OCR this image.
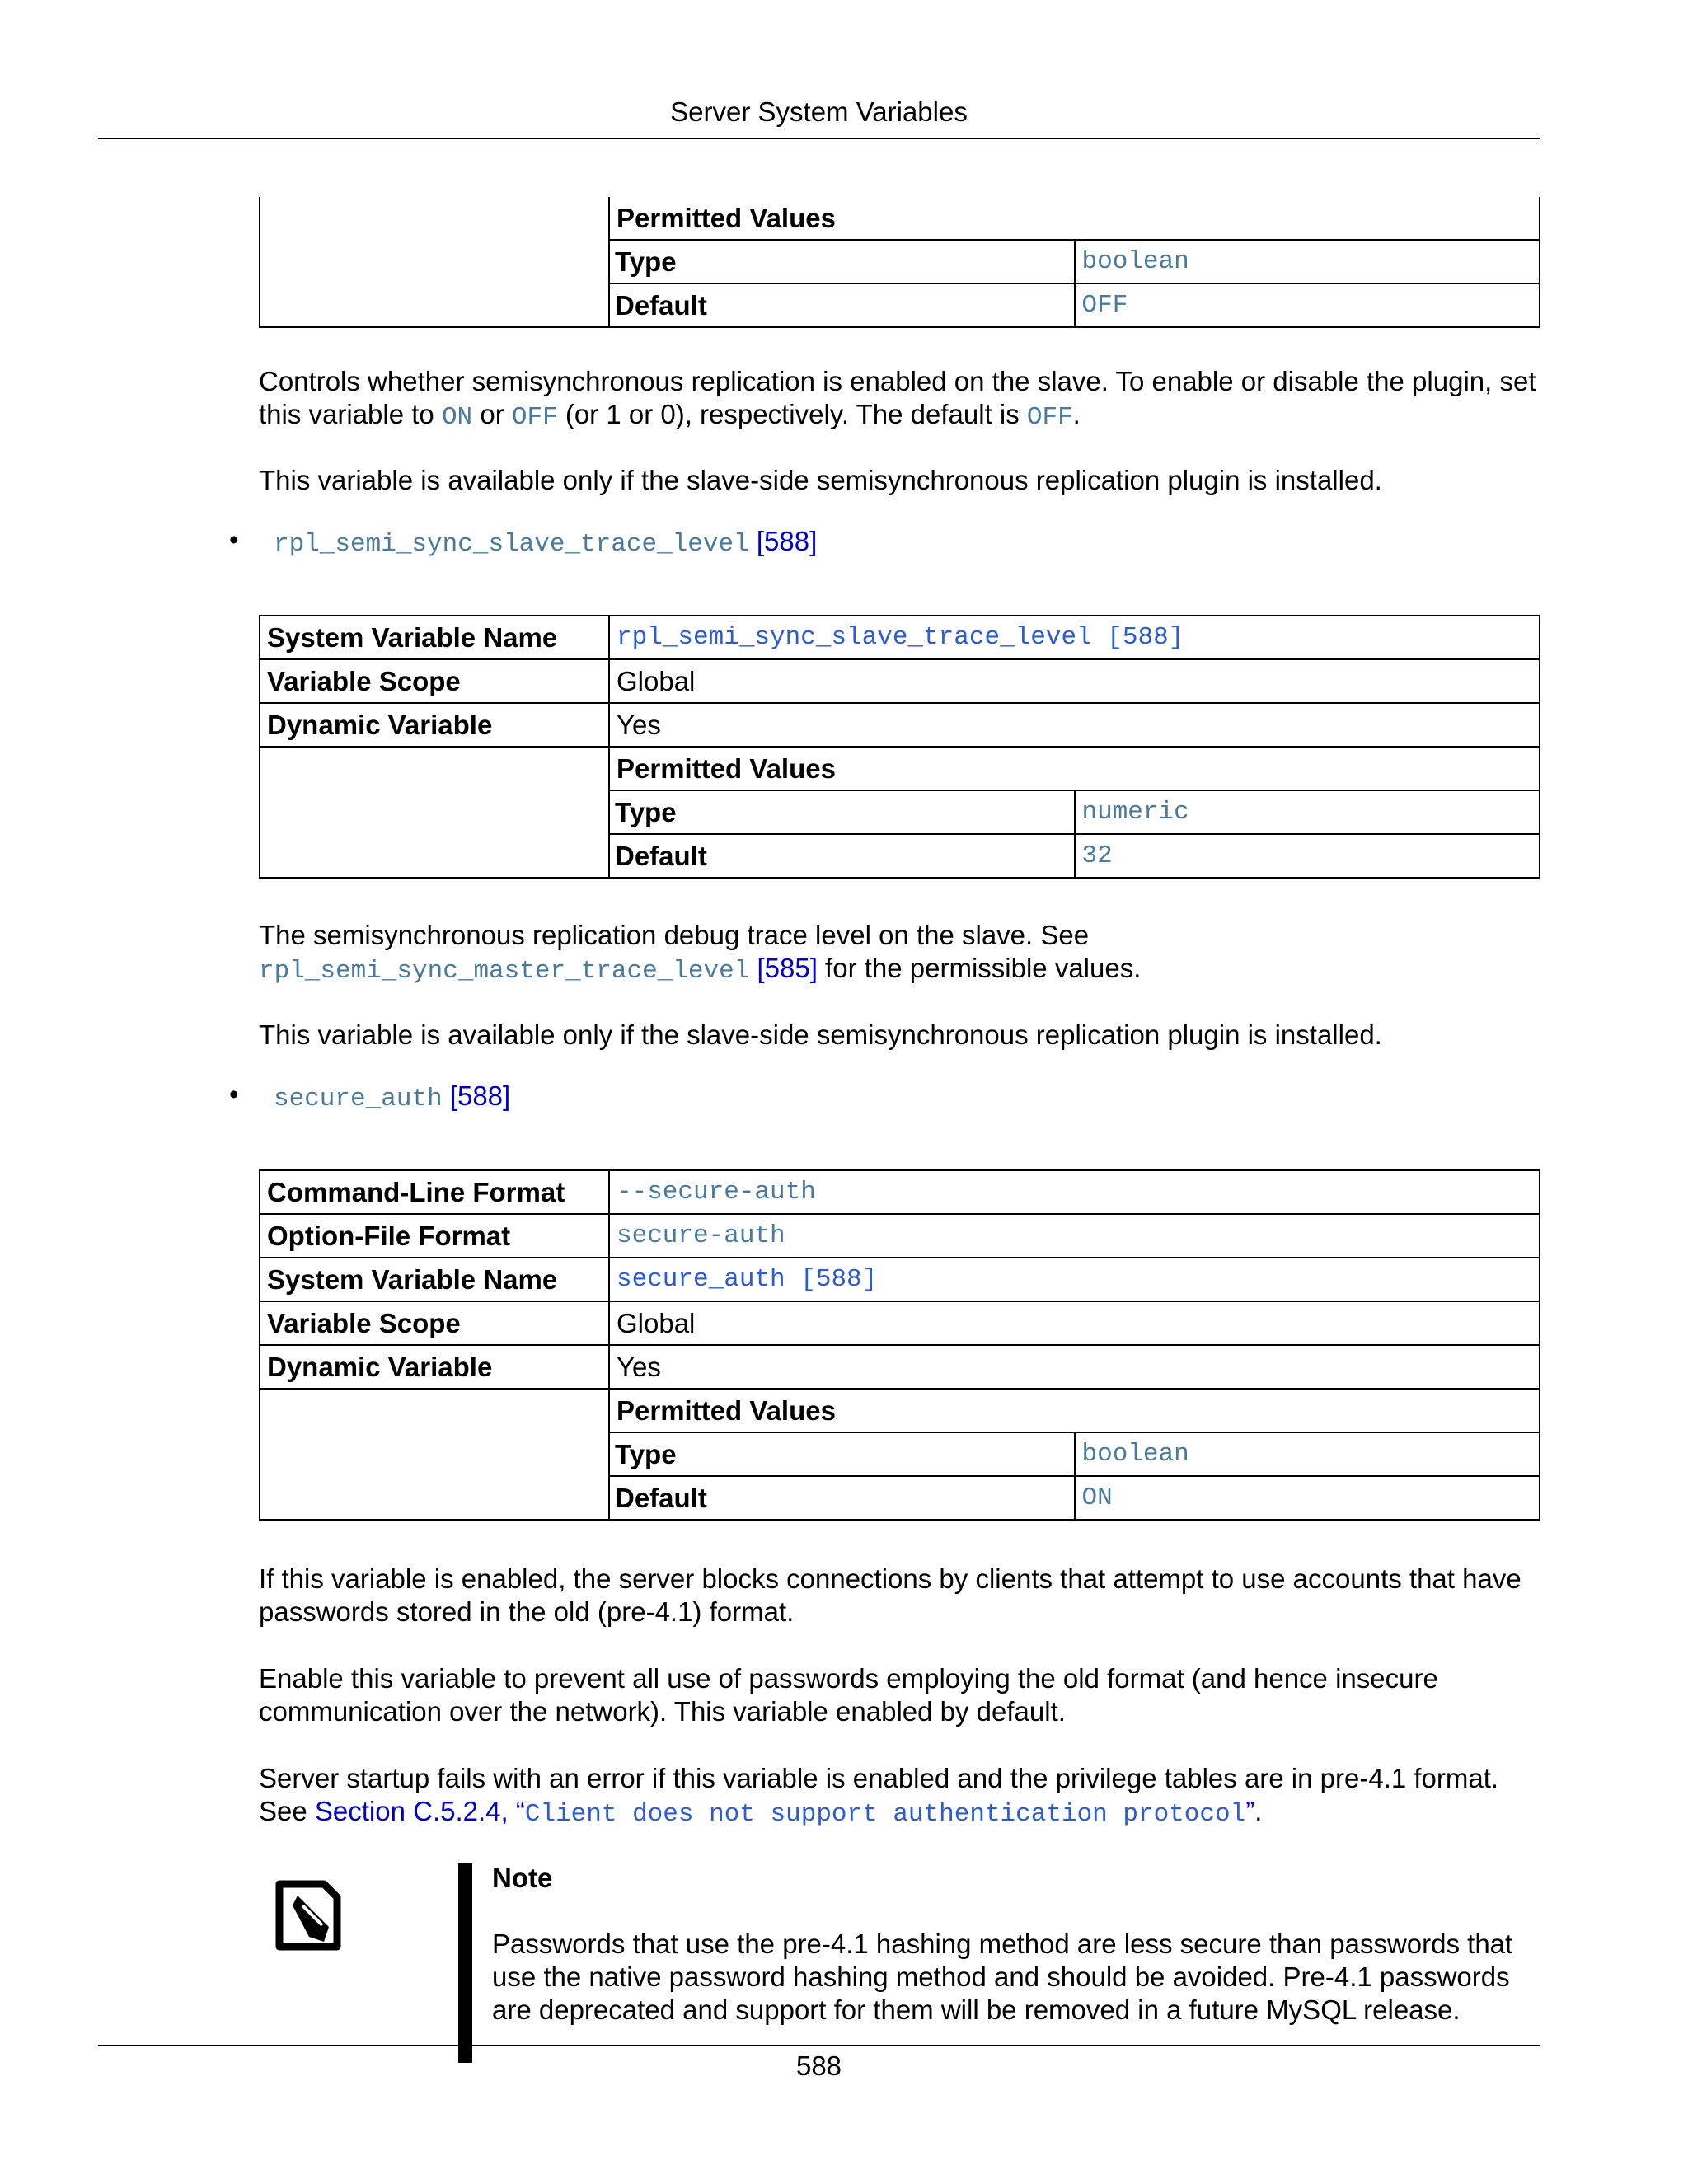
Server System Variables
	Permitted Values	
	Type	boolean
	Default	OFF

Controls whether semisynchronous replication is enabled on the slave. To enable or disable the plugin, set this variable to ON or OFF (or 1 or 0), respectively. The default is OFF.

This variable is available only if the slave-side semisynchronous replication plugin is installed.

• rpl_semi_sync_slave_trace_level [588]
System Variable Name	rpl_semi_sync_slave_trace_level [588]	
Variable Scope	Global	
Dynamic Variable	Yes	
	Permitted Values	
	Type	numeric
	Default	32

The semisynchronous replication debug trace level on the slave. See
rpl_semi_sync_master_trace_level [585] for the permissible values.

This variable is available only if the slave-side semisynchronous replication plugin is installed.

• secure_auth [588]
Command-Line Format	--secure-auth	
Option-File Format	secure-auth	
System Variable Name	secure_auth [588]	
Variable Scope	Global	
Dynamic Variable	Yes	
	Permitted Values	
	Type	boolean
	Default	ON

If this variable is enabled, the server blocks connections by clients that attempt to use accounts that have passwords stored in the old (pre-4.1) format.

Enable this variable to prevent all use of passwords employing the old format (and hence insecure communication over the network). This variable enabled by default.

Server startup fails with an error if this variable is enabled and the privilege tables are in pre-4.1 format. See Section C.5.2.4, “Client does not support authentication protocol”.

Note

Passwords that use the pre-4.1 hashing method are less secure than passwords that use the native password hashing method and should be avoided. Pre-4.1 passwords are deprecated and support for them will be removed in a future MySQL release.

588
